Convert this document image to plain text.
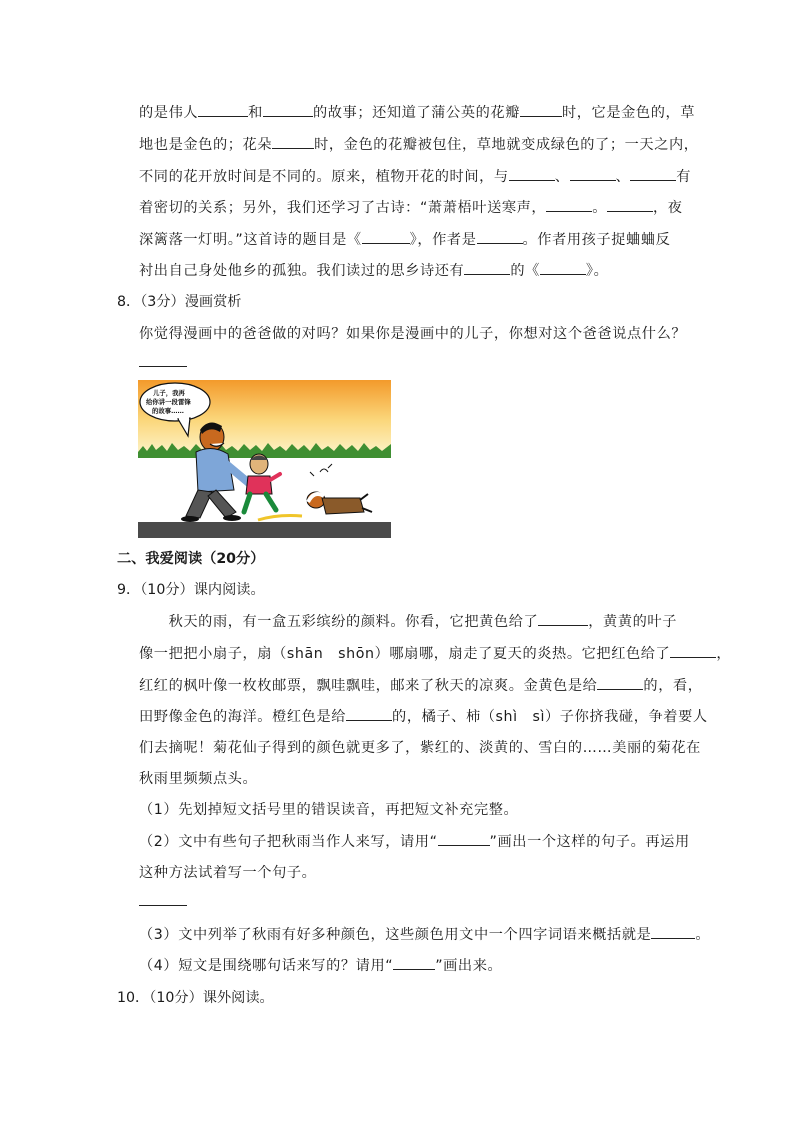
的是伟人	和	的故事；还知道了蒲公英的花瓣	时，它是金色的，草
地也是金色的；花朵	时，金色的花瓣被包住，草地就变成绿色的了；一天之内，
不同的花开放时间是不同的。原来，植物开花的时间，与	、	、	有
着密切的关系；另外，我们还学习了古诗：“萧萧梧叶送寒声，	。	，夜
深篱落一灯明。”这首诗的题目是《	》，作者是	。作者用孩子捉蛐蛐反
衬出自己身处他乡的孤独。我们读过的思乡诗还有	的《	》。
8．（3分）漫画赏析
你觉得漫画中的爸爸做的对吗？如果你是漫画中的儿子，你想对这个爸爸说点什么？
儿子，我再
给你讲一段雷锋
的故事……
二、我爱阅读（20分）
9．（10分）课内阅读。
　　秋天的雨，有一盒五彩缤纷的颜料。你看，它把黄色给了	，黄黄的叶子
像一把把小扇子，扇（shān　shōn）哪扇哪，扇走了夏天的炎热。它把红色给了	，
红红的枫叶像一枚枚邮票，飘哇飘哇，邮来了秋天的凉爽。金黄色是给	的，看，
田野像金色的海洋。橙红色是给	的，橘子、柿（shì　sì）子你挤我碰，争着要人
们去摘呢！菊花仙子得到的颜色就更多了，紫红的、淡黄的、雪白的……美丽的菊花在
秋雨里频频点头。
（1）先划掉短文括号里的错误读音，再把短文补充完整。
（2）文中有些句子把秋雨当作人来写，请用“	”画出一个这样的句子。再运用
这种方法试着写一个句子。
（3）文中列举了秋雨有好多种颜色，这些颜色用文中一个四字词语来概括就是	。
（4）短文是围绕哪句话来写的？请用“	”画出来。
10．（10分）课外阅读。
